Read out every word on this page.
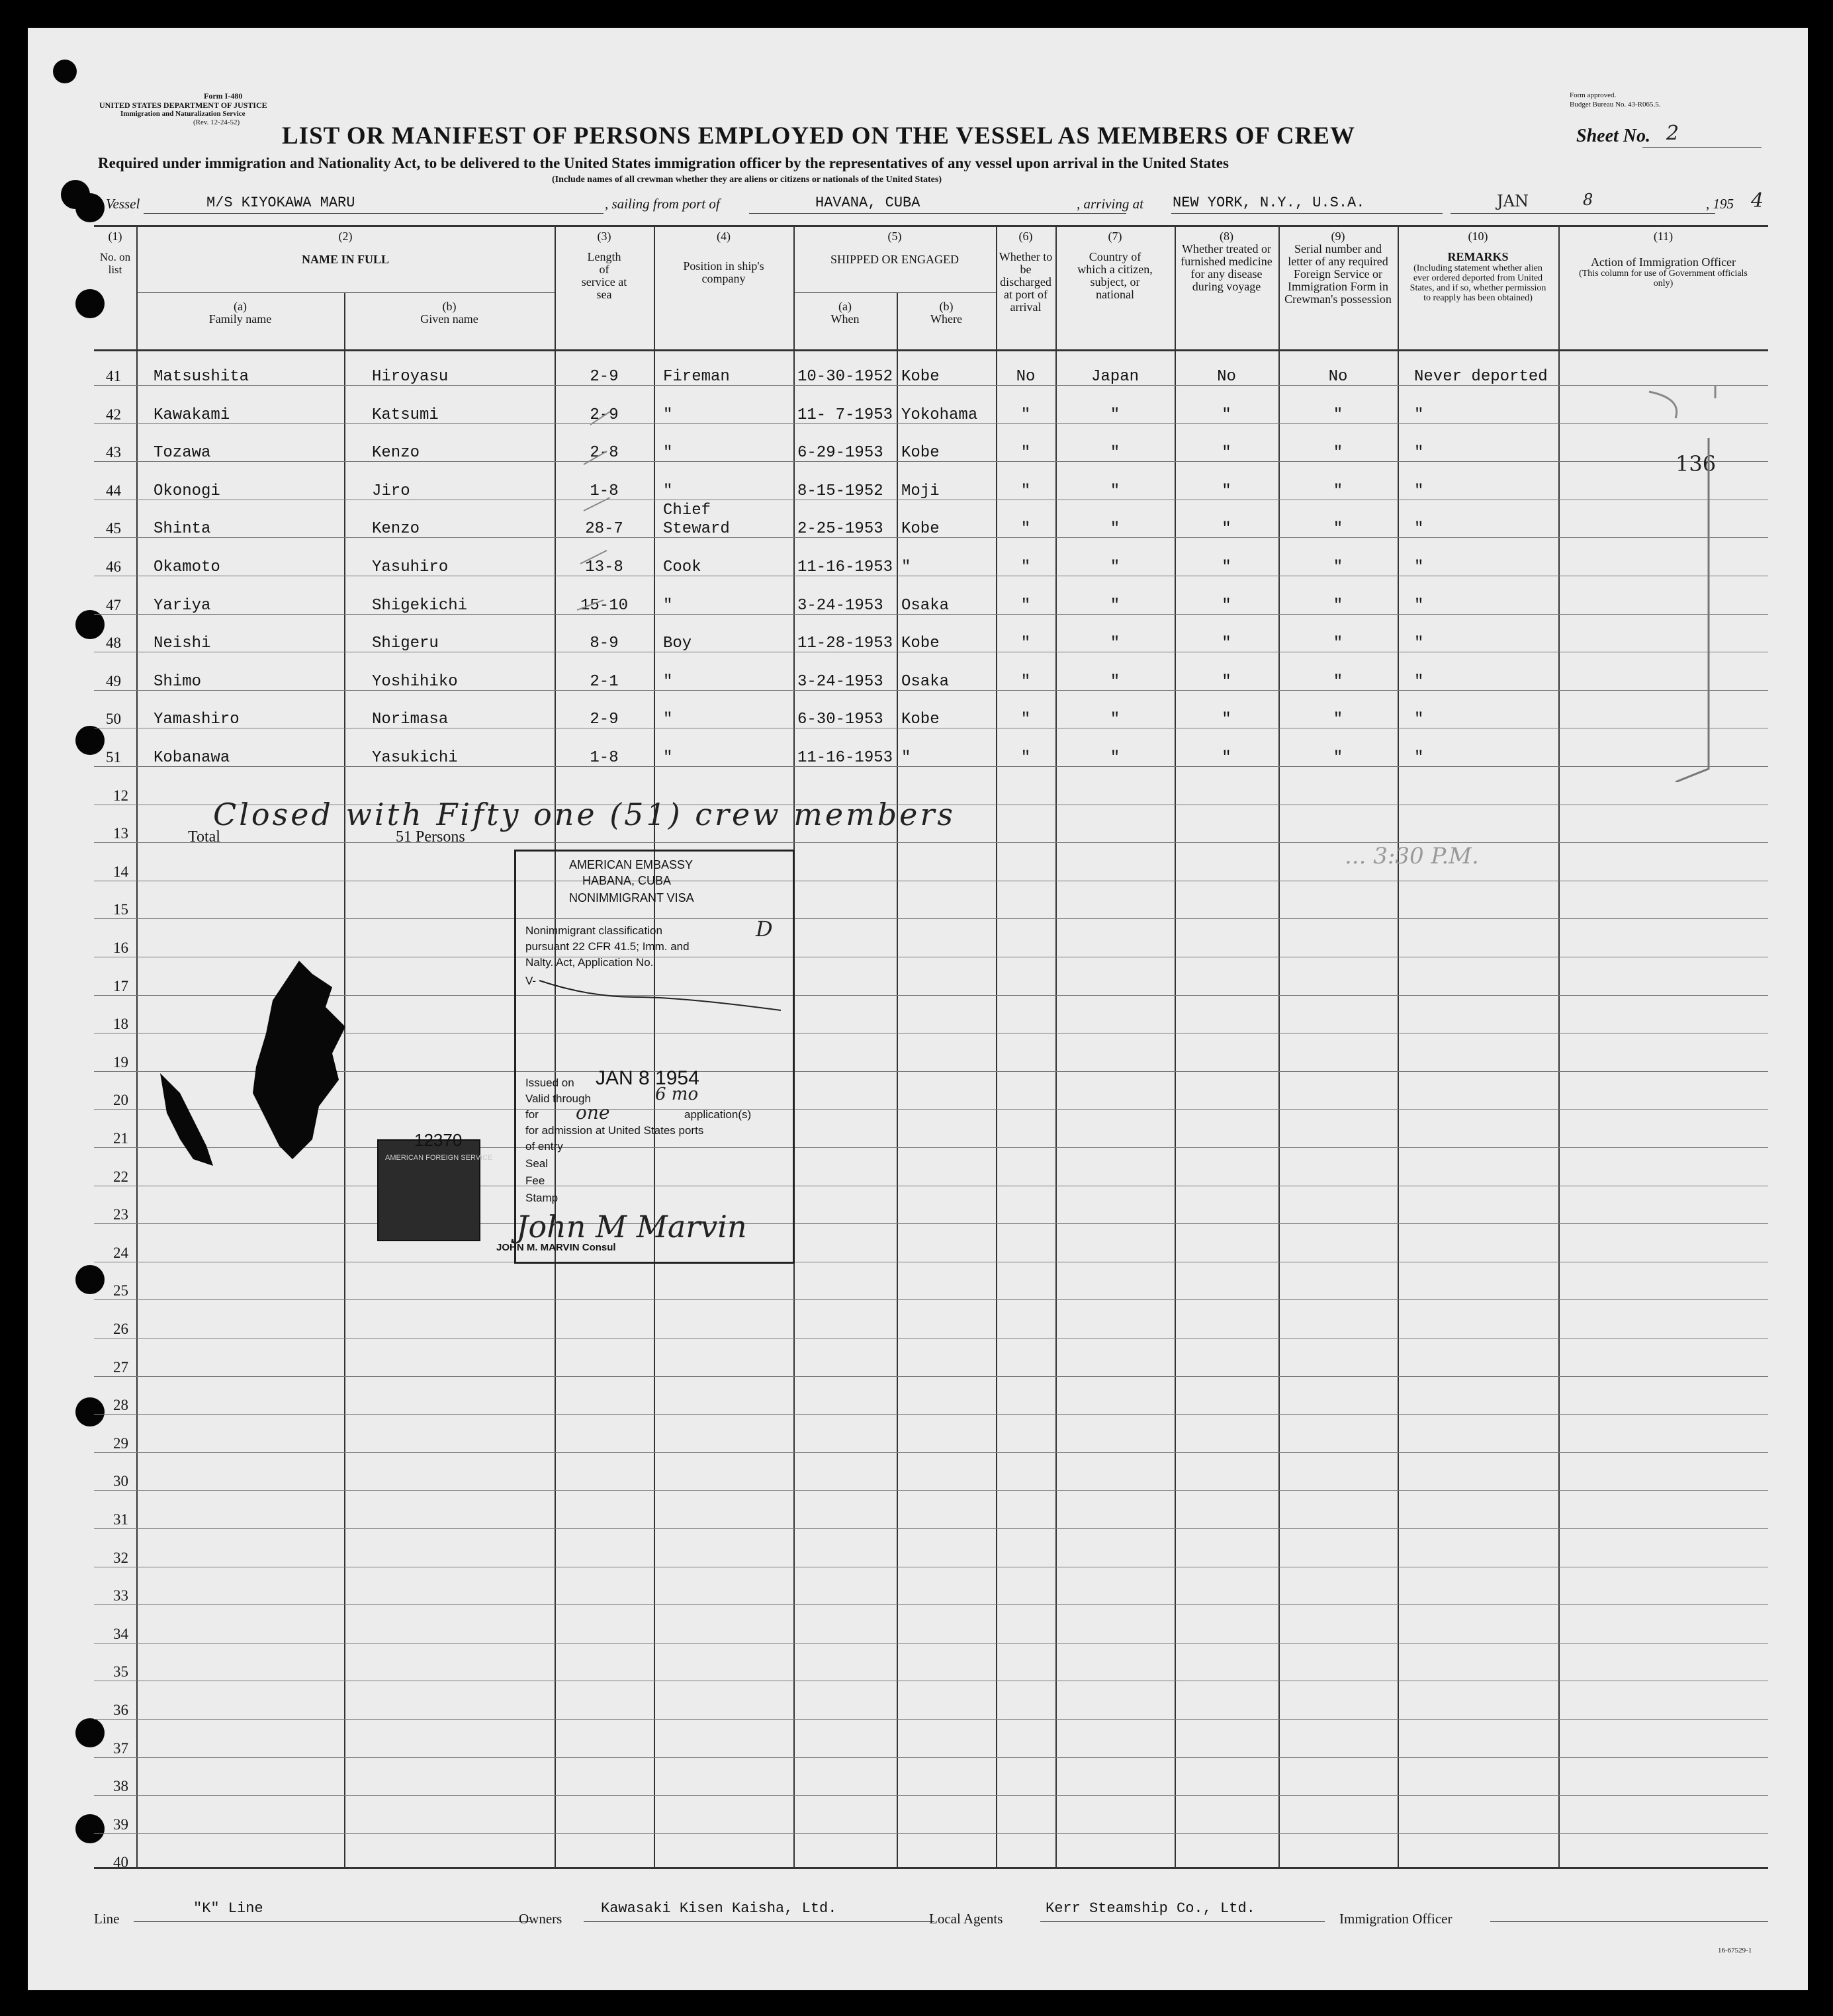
Form I-480
UNITED STATES DEPARTMENT OF JUSTICE
Immigration and Naturalization Service
(Rev. 12-24-52)
Form approved.
Budget Bureau No. 43-R065.5.
LIST OR MANIFEST OF PERSONS EMPLOYED ON THE VESSEL AS MEMBERS OF CREW	Sheet No. 2
Required under immigration and Nationality Act, to be delivered to the United States immigration officer by the representatives of any vessel upon arrival in the United States
(Include names of all crewman whether they are aliens or citizens or nationals of the United States)
Vessel	M/S KIYOKAWA MARU	, sailing from port of	HAVANA, CUBA	, arriving at NEW YORK, N.Y., U.S.A.	JAN	8	, 195 4
(1)
No. on list
(2)
NAME IN FULL
(a)
Family name
(b)
Given name
(3)
Length of service at sea
(4)
Position in ship's company
(5)
SHIPPED OR ENGAGED
(a)
When
(b)
Where
(6)
Whether to be discharged at port of arrival
(7)
Country of which a citizen, subject, or national
(8)
Whether treated or furnished medicine for any disease during voyage
(9)
Serial number and letter of any required Foreign Service or Immigration Form in Crewman's possession
(10)
REMARKS
(Including statement whether alien ever ordered deported from United States, and if so, whether permission to reapply has been obtained)
(11)
Action of Immigration Officer
(This column for use of Government officials only)
41	Matsushita	Hiroyasu	2-9	Fireman	10-30-1952 Kobe	No	Japan	No	No	Never deported
42	Kawakami	Katsumi	2-9	"	11- 7-1953 Yokohama	"	"	"	"	"
43	Tozawa	Kenzo	2-8	"	6-29-1953 Kobe	"	"	"	"	"
44	Okonogi	Jiro	1-8	"	8-15-1952 Moji	"	"	"	"	"
45	Shinta	Kenzo	28-7
Chief Steward	2-25-1953 Kobe	"	"	"	"	"
46	Okamoto	Yasuhiro	13-8	Cook	11-16-1953 "	"	"	"	"	"
47	Yariya	Shigekichi	15-10	"	3-24-1953 Osaka	"	"	"	"	"
48	Neishi	Shigeru	8-9	Boy	11-28-1953 Kobe	"	"	"	"	"
49	Shimo	Yoshihiko	2-1	"	3-24-1953 Osaka	"	"	"	"	"
50	Yamashiro	Norimasa	2-9	"	6-30-1953 Kobe	"	"	"	"	"
51	Kobanawa	Yasukichi	1-8	"	11-16-1953 "	"	"	"	"	"
12
13
14
15
16
17
18
19
20
21
22
23
24
25
26
27
28
29
30
31
32
33
34
35
36
37
38
39
40
Closed with Fifty one (51) crew members
... 3:30 P.M.
136
Total	51 Persons
AMERICAN EMBASSY
HABANA, CUBA
NONIMMIGRANT VISA
Nonimmigrant classification	D
pursuant 22 CFR 41.5; Imm. and
Nalty. Act, Application No.
V-
Issued on JAN 8 1954
Valid through	6 mo
for one	application(s)
for admission at United States ports
of entry
Seal
Fee
Stamp
John M Marvin
JOHN M. MARVIN Consul
AMERICAN FOREIGN SERVICE
12370
Line
"K" Line
Owners
Kawasaki Kisen Kaisha, Ltd.
Local Agents
Kerr Steamship Co., Ltd.
Immigration Officer
16-67529-1
